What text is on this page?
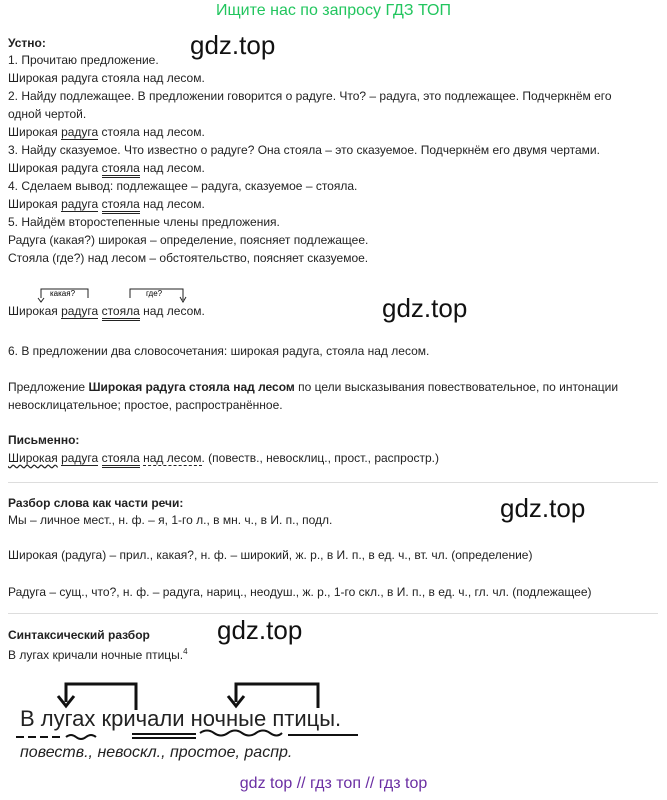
Ищите нас по запросу ГДЗ ТОП
gdz.top
gdz.top
gdz.top
gdz.top
Устно:
1. Прочитаю предложение.
Широкая радуга стояла над лесом.
2. Найду подлежащее. В предложении говорится о радуге. Что? – радуга, это подлежащее. Подчеркнём его
одной чертой.
Широкая радуга стояла над лесом.
3. Найду сказуемое. Что известно о радуге? Она стояла – это сказуемое. Подчеркнём его двумя чертами.
Широкая радуга стояла над лесом.
4. Сделаем вывод: подлежащее – радуга, сказуемое – стояла.
Широкая радуга стояла над лесом.
5. Найдём второстепенные члены предложения.
Радуга (какая?) широкая – определение, поясняет подлежащее.
Стояла (где?) над лесом – обстоятельство, поясняет сказуемое.
какая?	где?
Широкая радуга стояла над лесом.
6. В предложении два словосочетания: широкая радуга, стояла над лесом.
Предложение Широкая радуга стояла над лесом по цели высказывания повествовательное, по интонации
невосклицательное; простое, распространённое.
Письменно:
Широкая радуга стояла над лесом. (повеств., невосклиц., прост., распростр.)
Разбор слова как части речи:
Мы – личное мест., н. ф. – я, 1-го л., в мн. ч., в И. п., подл.
Широкая (радуга) – прил., какая?, н. ф. – широкий, ж. р., в И. п., в ед. ч., вт. чл. (определение)
Радуга – сущ., что?, н. ф. – радуга, нариц., неодуш., ж. р., 1-го скл., в И. п., в ед. ч., гл. чл. (подлежащее)
Синтаксический разбор
В лугах кричали ночные птицы.$^4$
В лугах кричали ночные птицы.
повеств., невоскл., простое, распр.
gdz top // гдз топ // гдз top
